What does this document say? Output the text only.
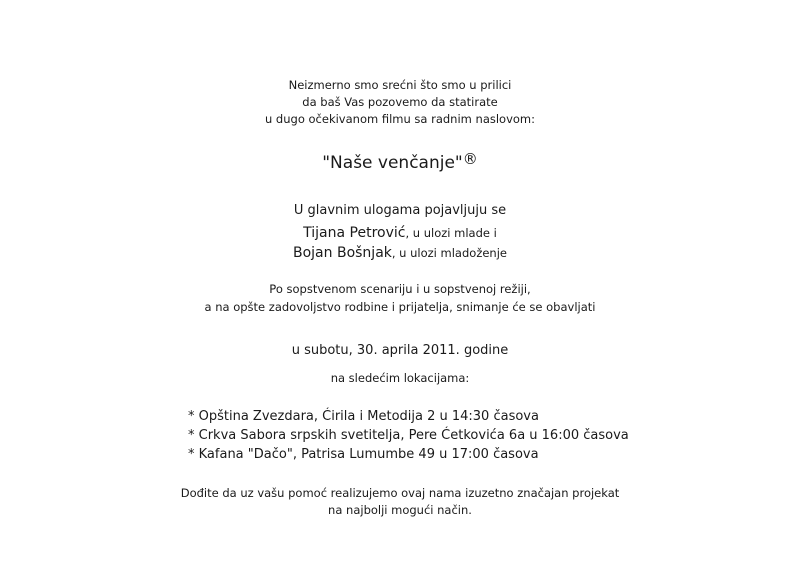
Neizmerno smo srećni što smo u prilici
da baš Vas pozovemo da statirate
u dugo očekivanom filmu sa radnim naslovom:
"Naše venčanje"®
U glavnim ulogama pojavljuju se
Tijana Petrović, u ulozi mlade i
Bojan Bošnjak, u ulozi mladoženje
Po sopstvenom scenariju i u sopstvenoj režiji,
a na opšte zadovoljstvo rodbine i prijatelja, snimanje će se obavljati
u subotu, 30. aprila 2011. godine
na sledećim lokacijama:
* Opština Zvezdara, Ćirila i Metodija 2 u 14:30 časova
* Crkva Sabora srpskih svetitelja, Pere Ćetkovića 6a u 16:00 časova
* Kafana "Dačo", Patrisa Lumumbe 49 u 17:00 časova
Dođite da uz vašu pomoć realizujemo ovaj nama izuzetno značajan projekat
na najbolji mogući način.
